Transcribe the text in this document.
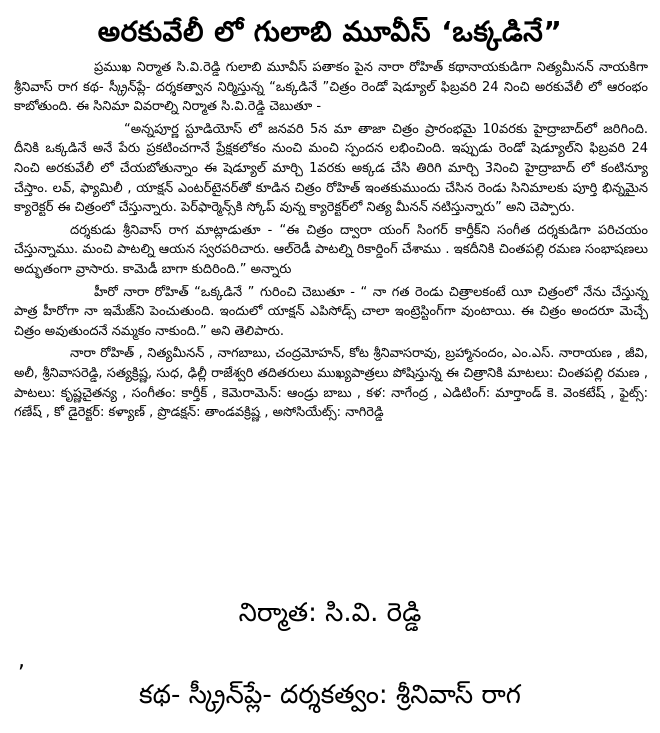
అరకువేలీ లో గులాబి మూవీస్ ‘ఒక్కడినే”

ప్రముఖ నిర్మాత సి.వి.రెడ్డి గులాబి మూవీస్ పతాకం పైన నారా రోహిత్ కథానాయకుడిగా నిత్యమీనన్ నాయకిగా శ్రీనివాస్ రాగ కథ- స్క్రీన్‌ప్లే- దర్శకత్వాన నిర్మిస్తున్న “ఒక్కడినే ”చిత్రం రెండో షెడ్యూల్ ఫిబ్రవరి 24 నించి అరకువేలీ లో ఆరంభం కాబోతుంది. ఈ సినిమా వివరాల్ని నిర్మాత సి.వి.రెడ్డి చెబుతూ -

“అన్నపూర్ణ స్టూడియోస్ లో జనవరి 5న మా తాజా చిత్రం ప్రారంభమై 10వరకు హైద్రాబాద్‌లో జరిగింది. దీనికి ఒక్కడినే అనే పేరు ప్రకటించగానే ప్రేక్షకలోకం నుంచి మంచి స్పందన లభించింది. ఇప్పుడు రెండో షెడ్యూల్‌ని ఫిబ్రవరి 24 నించి అరకువేలీ లో చేయబోతున్నాం ఈ షెడ్యూల్ మార్చి 1వరకు అక్కడ చేసి తిరిగి మార్చి 3నించి హైద్రాబాద్ లో కంటిన్యూ చేస్తాం. లవ్, ఫ్యామిలీ , యాక్షన్ ఎంటర్‌టైనర్‌తో కూడిన చిత్రం రోహిత్ ఇంతకుముందు చేసిన రెండు సినిమాలకు పూర్తి భిన్నమైన క్యారెక్టర్ ఈ చిత్రంలో చేస్తున్నారు. పెర్‌ఫార్మెన్స్‌కి స్కోప్ వున్న క్యారెక్టర్‌లో నిత్య మీనన్ నటిస్తున్నారు” అని చెప్పారు.

దర్శకుడు శ్రీనివాస్ రాగ మాట్లాడుతూ - “ఈ చిత్రం ద్వారా యంగ్ సింగర్ కార్తీక్‌ని సంగీత దర్శకుడిగా పరిచయం చేస్తున్నాము. మంచి పాటల్ని ఆయన స్వరపరిచారు. ఆల్‌రెడీ పాటల్ని రికార్డింగ్ చేశాము . ఇకదీనికి చింతపల్లి రమణ సంభాషణలు అద్భుతంగా వ్రాసారు. కామెడీ బాగా కుదిరింది.” అన్నారు

హీరో నారా రోహిత్ “ఒక్కడినే ” గురించి చెబుతూ - “ నా గత రెండు చిత్రాలకంటే యీ చిత్రంలో నేను చేస్తున్న పాత్ర హీరోగా నా ఇమేజ్‌ని పెంచుతుంది. ఇందులో యాక్షన్ ఎపిసోడ్స్ చాలా ఇంట్రెస్టింగ్‌గా వుంటాయి. ఈ చిత్రం అందరూ మెచ్చే చిత్రం అవుతుందనే నమ్మకం నాకుంది.” అని తెలిపారు.

నారా రోహిత్ , నిత్యమీనన్ , నాగబాబు, చంద్రమోహన్, కోట శ్రీనివాసరావు, బ్రహ్మానందం, ఎం.ఎస్. నారాయణ , జీవి, అలీ, శ్రీనివాసరెడ్డి, సత్యక్రిష్ణ, సుధ, ఢిల్లీ రాజేశ్వరి తదితరులు ముఖ్యపాత్రలు పోషిస్తున్న ఈ చిత్రానికి మాటలు: చింతపల్లి రమణ , పాటలు: కృష్ణచైతన్య , సంగీతం: కార్తీక్ , కెమెరామెన్: ఆండ్రు బాబు , కళ: నాగేంద్ర , ఎడిటింగ్: మార్తాండ్ కె. వెంకటేష్ , ఫైట్స్: గణేష్ , కో డైరెక్టర్: కళ్యాణ్ , ప్రొడక్షన్: తాండవక్రిష్ణ , అసోసియేట్స్: నాగిరెడ్డి

నిర్మాత: సి.వి. రెడ్డి
,
కథ- స్క్రీన్‌ప్లే- దర్శకత్వం: శ్రీనివాస్ రాగ
